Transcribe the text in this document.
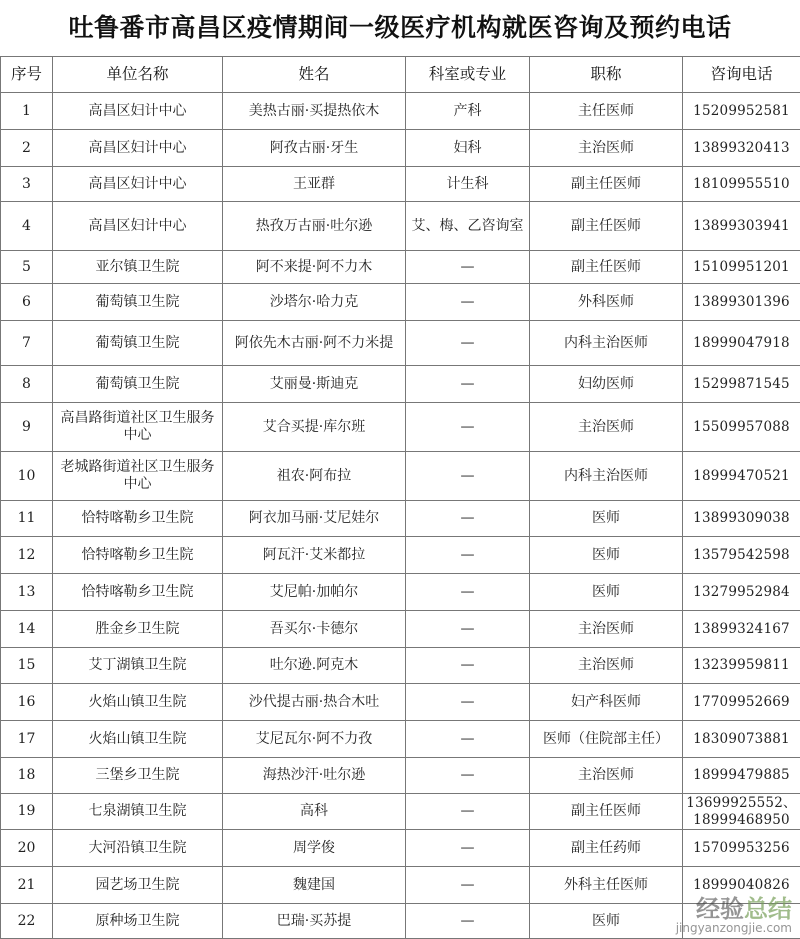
吐鲁番市高昌区疫情期间一级医疗机构就医咨询及预约电话
序号	单位名称	姓名	科室或专业	职称	咨询电话
1	高昌区妇计中心	美热古丽·买提热依木	产科	主任医师	15209952581
2	高昌区妇计中心	阿孜古丽·牙生	妇科	主治医师	13899320413
3	高昌区妇计中心	王亚群	计生科	副主任医师	18109955510
4	高昌区妇计中心	热孜万古丽·吐尔逊	艾、梅、乙咨询室	副主任医师	13899303941
5	亚尔镇卫生院	阿不来提·阿不力木	—	副主任医师	15109951201
6	葡萄镇卫生院	沙塔尔·哈力克	—	外科医师	13899301396
7	葡萄镇卫生院	阿依先木古丽·阿不力米提	—	内科主治医师	18999047918
8	葡萄镇卫生院	艾丽曼·斯迪克	—	妇幼医师	15299871545
9	高昌路街道社区卫生服务中心	艾合买提·库尔班	—	主治医师	15509957088
10	老城路街道社区卫生服务中心	祖农·阿布拉	—	内科主治医师	18999470521
11	恰特喀勒乡卫生院	阿衣加马丽·艾尼娃尔	—	医师	13899309038
12	恰特喀勒乡卫生院	阿瓦汗·艾米都拉	—	医师	13579542598
13	恰特喀勒乡卫生院	艾尼帕·加帕尔	—	医师	13279952984
14	胜金乡卫生院	吾买尔·卡德尔	—	主治医师	13899324167
15	艾丁湖镇卫生院	吐尔逊.阿克木	—	主治医师	13239959811
16	火焰山镇卫生院	沙代提古丽·热合木吐	—	妇产科医师	17709952669
17	火焰山镇卫生院	艾尼瓦尔·阿不力孜	—	医师（住院部主任）	18309073881
18	三堡乡卫生院	海热沙汗·吐尔逊	—	主治医师	18999479885
19	七泉湖镇卫生院	高科	—	副主任医师	13699925552、18999468950
20	大河沿镇卫生院	周学俊	—	副主任药师	15709953256
21	园艺场卫生院	魏建国	—	外科主任医师	18999040826
22	原种场卫生院	巴瑞·买苏提	—	医师		经验总结
jingyanzongjie.com
